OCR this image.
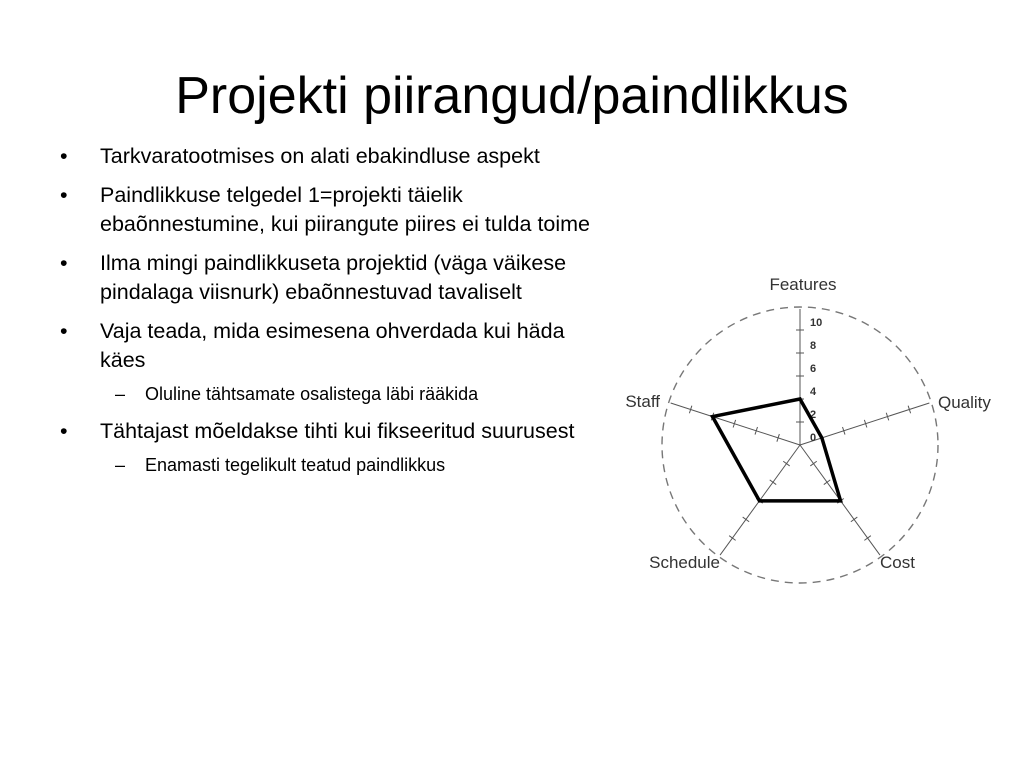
Projekti piirangud/paindlikkus
•	Tarkvaratootmises on alati ebakindluse aspekt
•	Paindlikkuse telgedel 1=projekti täielik ebaõnnestumine, kui piirangute piires ei tulda toime
•	Ilma mingi paindlikkuseta projektid (väga väikese pindalaga viisnurk) ebaõnnestuvad tavaliselt
•	Vaja teada, mida esimesena ohverdada kui häda käes
– Oluline tähtsamate osalistega läbi rääkida
•	Tähtajast mõeldakse tihti kui fikseeritud suurusest
– Enamasti tegelikult teatud paindlikkus
Features
Quality
Cost
Schedule
Staff
0
2
4
6
8
10
